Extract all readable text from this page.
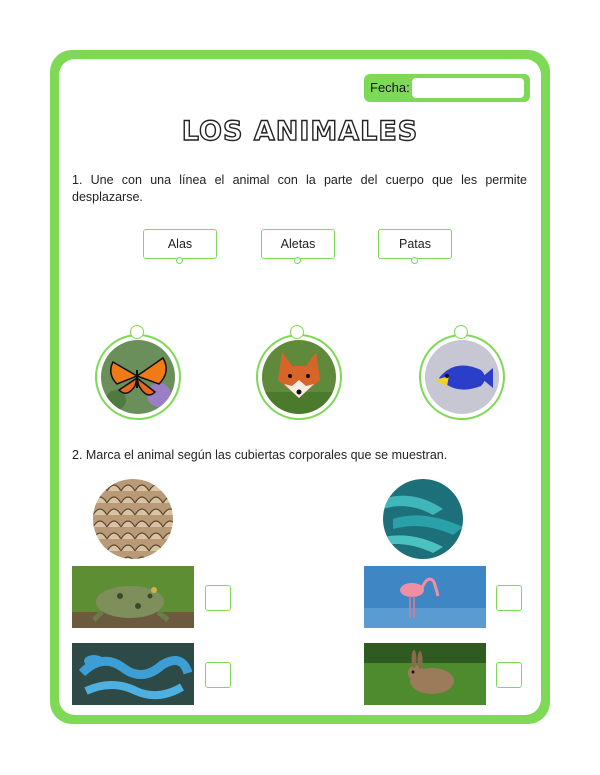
Fecha:
LOS ANIMALES
1. Une con una línea el animal con la parte del cuerpo que les permite desplazarse.
Alas	Aletas	Patas
2. Marca el animal según las cubiertas corporales que se muestran.
